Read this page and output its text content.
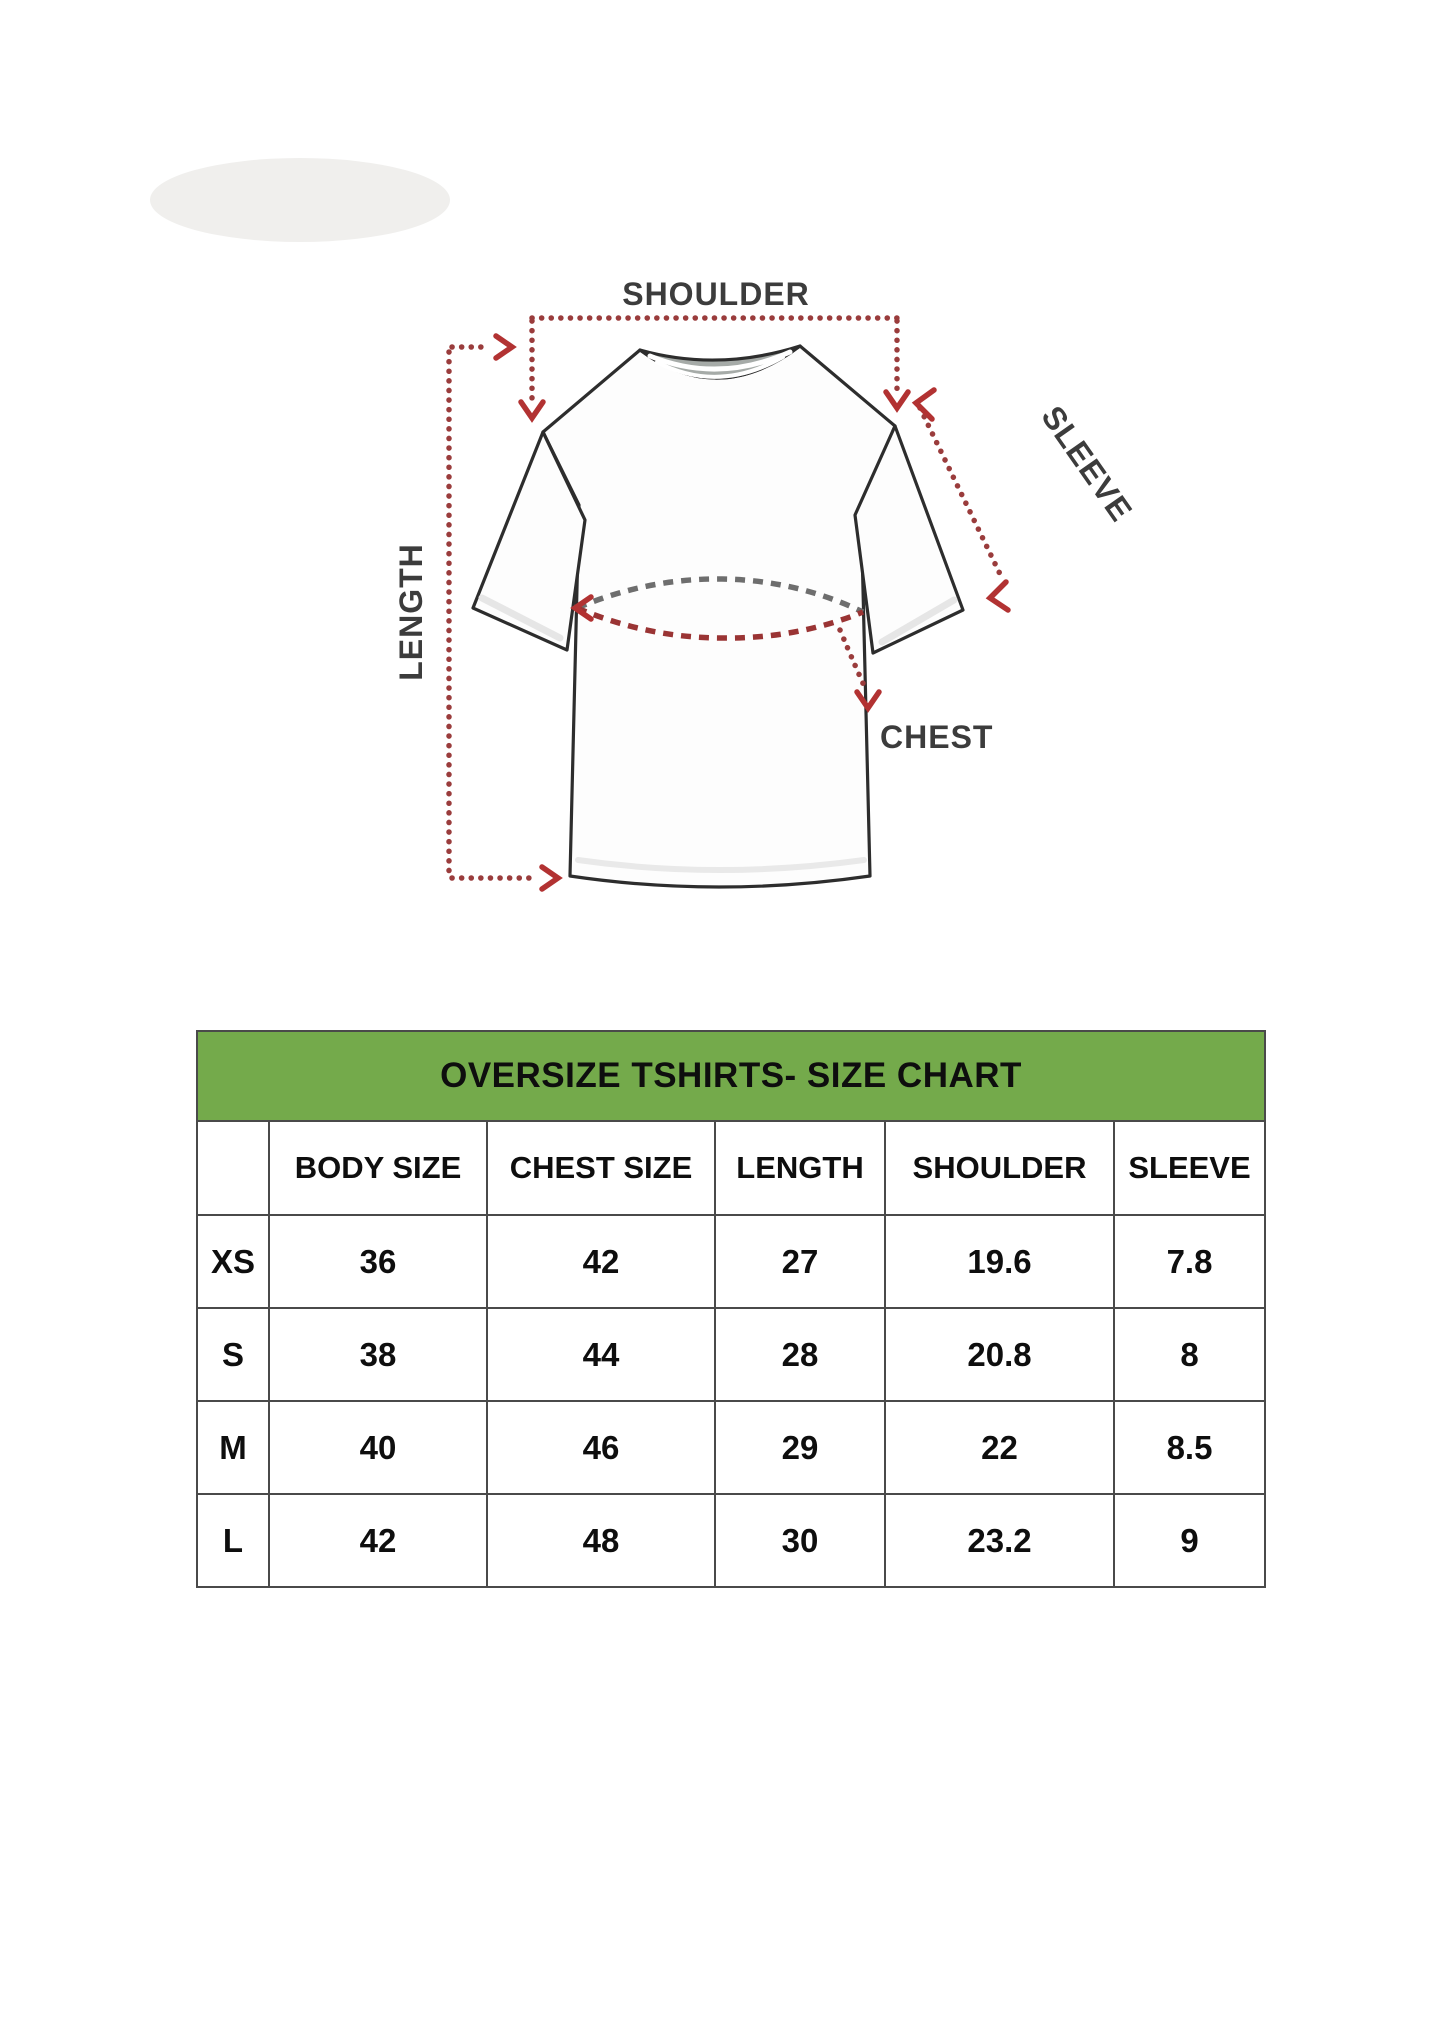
SHOULDER
SLEEVE
LENGTH
CHEST
OVERSIZE TSHIRTS- SIZE CHART					
	BODY SIZE	CHEST SIZE	LENGTH	SHOULDER	SLEEVE
XS	36	42	27	19.6	7.8
S	38	44	28	20.8	8
M	40	46	29	22	8.5
L	42	48	30	23.2	9
